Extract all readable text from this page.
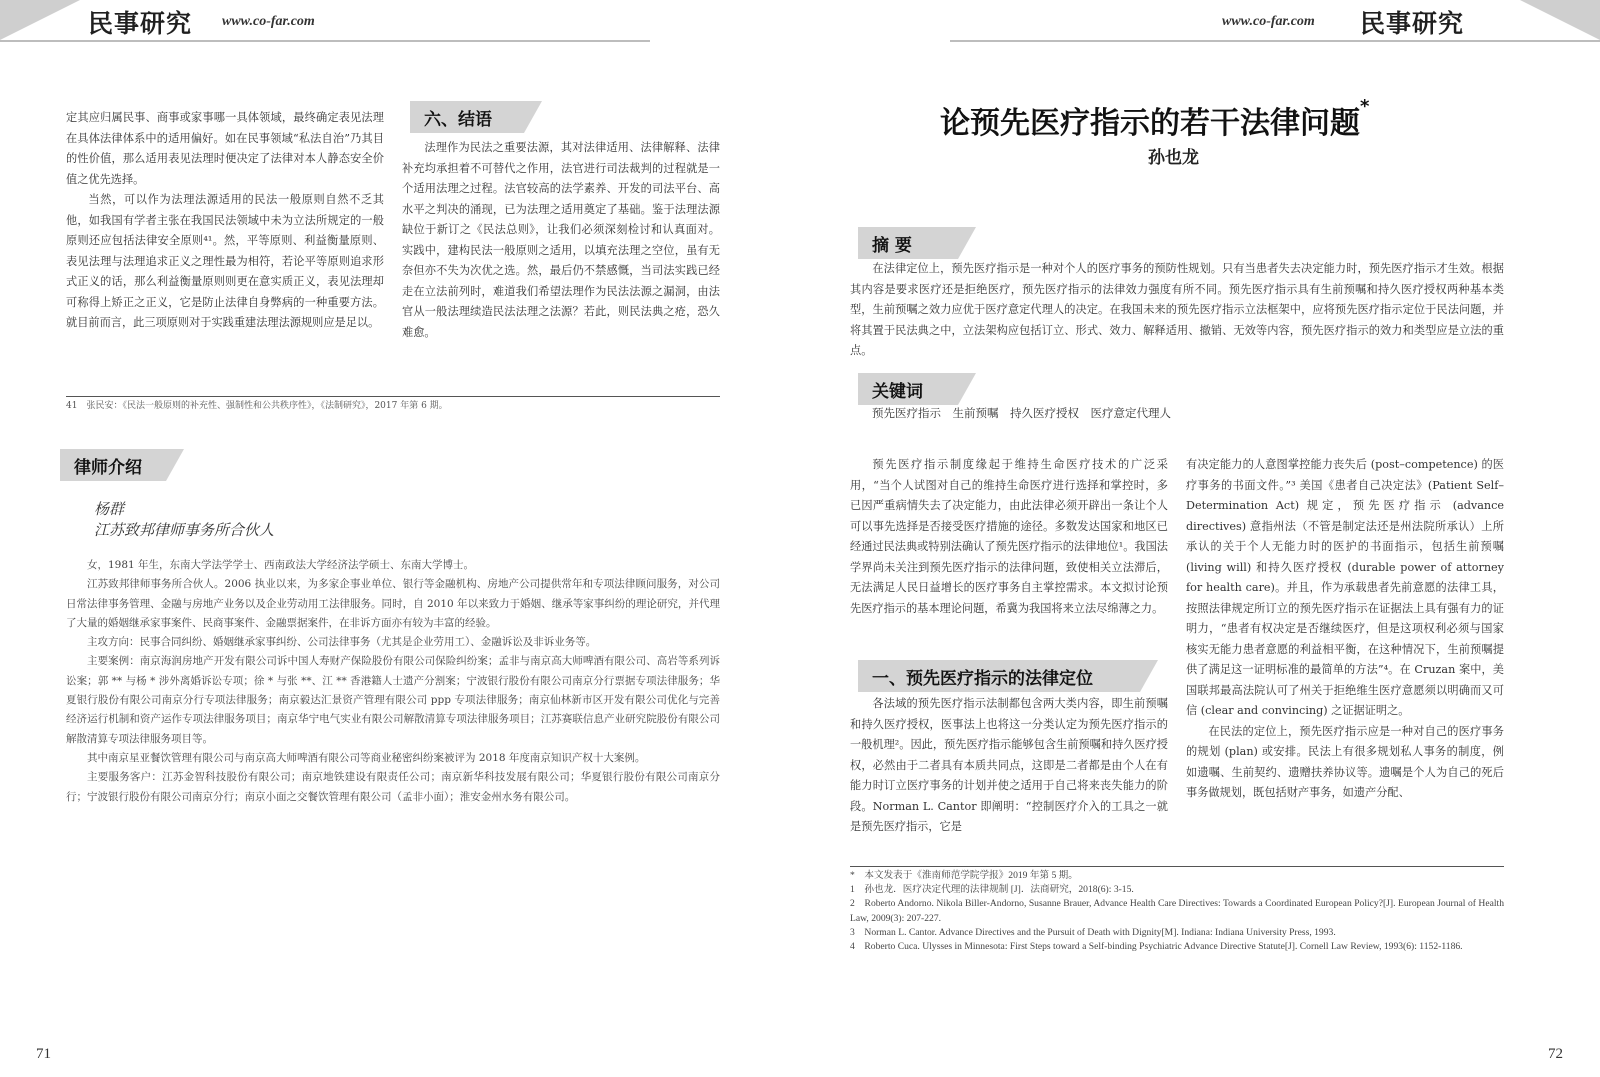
民事研究 www.co-far.com	www.co-far.com 民事研究

定其应归属民事、商事或家事哪一具体领域，最终确定表见法理在具体法律体系中的适用偏好。如在民事领域“私法自治”乃其目的性价值，那么适用表见法理时便决定了法律对本人静态安全价值之优先选择。

当然，可以作为法理法源适用的民法一般原则自然不乏其他，如我国有学者主张在我国民法领域中未为立法所规定的一般原则还应包括法律安全原则⁴¹。然，平等原则、利益衡量原则、表见法理与法理追求正义之理性最为相符，若论平等原则追求形式正义的话，那么利益衡量原则则更在意实质正义，表见法理却可称得上矫正之正义，它是防止法律自身弊病的一种重要方法。就目前而言，此三项原则对于实践重建法理法源规则应是足以。

六、结语

法理作为民法之重要法源，其对法律适用、法律解释、法律补充均承担着不可替代之作用，法官进行司法裁判的过程就是一个适用法理之过程。法官较高的法学素养、开发的司法平台、高水平之判决的涌现，已为法理之适用奠定了基础。鉴于法理法源缺位于新订之《民法总则》，让我们必须深刻检讨和认真面对。实践中，建构民法一般原则之适用，以填充法理之空位，虽有无奈但亦不失为次优之选。然，最后仍不禁感慨，当司法实践已经走在立法前列时，难道我们希望法理作为民法法源之漏洞，由法官从一般法理续造民法法理之法源？若此，则民法典之疮，恐久难愈。

41　张民安：《民法一般原则的补充性、强制性和公共秩序性》，《法制研究》，2017 年第 6 期。
律师介绍
杨群
江苏致邦律师事务所合伙人

女，1981 年生，东南大学法学学士、西南政法大学经济法学硕士、东南大学博士。

江苏致邦律师事务所合伙人。2006 执业以来，为多家企事业单位、银行等金融机构、房地产公司提供常年和专项法律顾问服务，对公司日常法律事务管理、金融与房地产业务以及企业劳动用工法律服务。同时，自 2010 年以来致力于婚姻、继承等家事纠纷的理论研究，并代理了大量的婚姻继承家事案件、民商事案件、金融票据案件，在非诉方面亦有较为丰富的经验。

主攻方向：民事合同纠纷、婚姻继承家事纠纷、公司法律事务（尤其是企业劳用工）、金融诉讼及非诉业务等。

主要案例：南京海润房地产开发有限公司诉中国人寿财产保险股份有限公司保险纠纷案；孟非与南京高大师啤酒有限公司、高岩等系列诉讼案；郭 ** 与杨 * 涉外离婚诉讼专项；徐 * 与张 **、江 ** 香港籍人士遗产分割案；宁波银行股份有限公司南京分行票据专项法律服务；华夏银行股份有限公司南京分行专项法律服务；南京毅达汇景资产管理有限公司 ppp 专项法律服务；南京仙林新市区开发有限公司优化与完善经济运行机制和资产运作专项法律服务项目；南京华宁电气实业有限公司解散清算专项法律服务项目；江苏赛联信息产业研究院股份有限公司解散清算专项法律服务项目等。

其中南京星亚餐饮管理有限公司与南京高大师啤酒有限公司等商业秘密纠纷案被评为 2018 年度南京知识产权十大案例。

主要服务客户：江苏金智科技股份有限公司；南京地铁建设有限责任公司；南京新华科技发展有限公司；华夏银行股份有限公司南京分行；宁波银行股份有限公司南京分行；南京小面之交餐饮管理有限公司（孟非小面）；淮安金州水务有限公司。

71
论预先医疗指示的若干法律问题*
孙也龙
摘 要

在法律定位上，预先医疗指示是一种对个人的医疗事务的预防性规划。只有当患者失去决定能力时，预先医疗指示才生效。根据其内容是要求医疗还是拒绝医疗，预先医疗指示的法律效力强度有所不同。预先医疗指示具有生前预嘱和持久医疗授权两种基本类型，生前预嘱之效力应优于医疗意定代理人的决定。在我国未来的预先医疗指示立法框架中，应将预先医疗指示定位于民法问题，并将其置于民法典之中，立法架构应包括订立、形式、效力、解释适用、撤销、无效等内容，预先医疗指示的效力和类型应是立法的重点。

关键词
预先医疗指示　生前预嘱　持久医疗授权　医疗意定代理人

预先医疗指示制度缘起于维持生命医疗技术的广泛采用，“当个人试图对自己的维持生命医疗进行选择和掌控时，多已因严重病情失去了决定能力，由此法律必须开辟出一条让个人可以事先选择是否接受医疗措施的途径。多数发达国家和地区已经通过民法典或特别法确认了预先医疗指示的法律地位¹。我国法学界尚未关注到预先医疗指示的法律问题，致使相关立法滞后，无法满足人民日益增长的医疗事务自主掌控需求。本文拟讨论预先医疗指示的基本理论问题，希冀为我国将来立法尽绵薄之力。

一、预先医疗指示的法律定位

各法域的预先医疗指示法制都包含两大类内容，即生前预嘱和持久医疗授权，医事法上也将这一分类认定为预先医疗指示的一般机理²。因此，预先医疗指示能够包含生前预嘱和持久医疗授权，必然由于二者具有本质共同点，这即是二者都是由个人在有能力时订立医疗事务的计划并使之适用于自己将来丧失能力的阶段。Norman L. Cantor 即阐明：“控制医疗介入的工具之一就是预先医疗指示，它是

有决定能力的人意图掌控能力丧失后 (post–competence) 的医疗事务的书面文件。”³ 美国《患者自己决定法》(Patient Self–Determination Act) 规定，预先医疗指示 (advance directives) 意指州法（不管是制定法还是州法院所承认）上所承认的关于个人无能力时的医护的书面指示，包括生前预嘱 (living will) 和持久医疗授权 (durable power of attorney for health care)。并且，作为承载患者先前意愿的法律工具，按照法律规定所订立的预先医疗指示在证据法上具有强有力的证明力，“患者有权决定是否继续医疗，但是这项权利必须与国家核实无能力患者意愿的利益相平衡，在这种情况下，生前预嘱提供了满足这一证明标准的最简单的方法”⁴。在 Cruzan 案中，美国联邦最高法院认可了州关于拒绝维生医疗意愿须以明确而又可信 (clear and convincing) 之证据证明之。

在民法的定位上，预先医疗指示应是一种对自己的医疗事务的规划 (plan) 或安排。民法上有很多规划私人事务的制度，例如遗嘱、生前契约、遗赠扶养协议等。遗嘱是个人为自己的死后事务做规划，既包括财产事务，如遗产分配、

*　本文发表于《淮南师范学院学报》2019 年第 5 期。
1　孙也龙．医疗决定代理的法律规制 [J]．法商研究，2018(6): 3-15.
2　Roberto Andorno. Nikola Biller-Andorno, Susanne Brauer, Advance Health Care Directives: Towards a Coordinated European Policy?[J]. European Journal of Health Law, 2009(3): 207-227.
3　Norman L. Cantor. Advance Directives and the Pursuit of Death with Dignity[M]. Indiana: Indiana University Press, 1993.
4　Roberto Cuca. Ulysses in Minnesota: First Steps toward a Self-binding Psychiatric Advance Directive Statute[J]. Cornell Law Review, 1993(6): 1152-1186.
72
